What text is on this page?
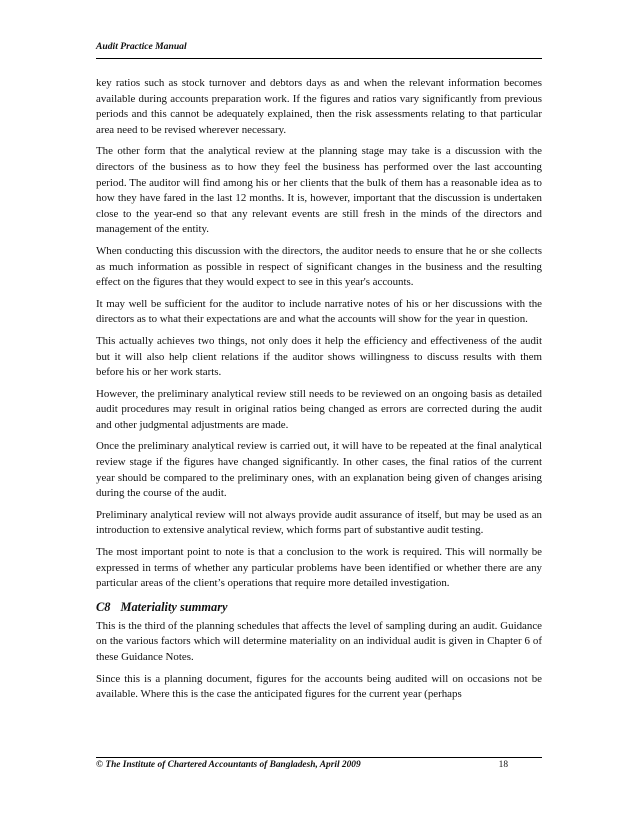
Audit Practice Manual

key ratios such as stock turnover and debtors days as and when the relevant information becomes available during accounts preparation work. If the figures and ratios vary significantly from previous periods and this cannot be adequately explained, then the risk assessments relating to that particular area need to be revised wherever necessary.

The other form that the analytical review at the planning stage may take is a discussion with the directors of the business as to how they feel the business has performed over the last accounting period. The auditor will find among his or her clients that the bulk of them has a reasonable idea as to how they have fared in the last 12 months. It is, however, important that the discussion is undertaken close to the year-end so that any relevant events are still fresh in the minds of the directors and management of the entity.

When conducting this discussion with the directors, the auditor needs to ensure that he or she collects as much information as possible in respect of significant changes in the business and the resulting effect on the figures that they would expect to see in this year's accounts.

It may well be sufficient for the auditor to include narrative notes of his or her discussions with the directors as to what their expectations are and what the accounts will show for the year in question.

This actually achieves two things, not only does it help the efficiency and effectiveness of the audit but it will also help client relations if the auditor shows willingness to discuss results with them before his or her work starts.

However, the preliminary analytical review still needs to be reviewed on an ongoing basis as detailed audit procedures may result in original ratios being changed as errors are corrected during the audit and other judgmental adjustments are made.

Once the preliminary analytical review is carried out, it will have to be repeated at the final analytical review stage if the figures have changed significantly. In other cases, the final ratios of the current year should be compared to the preliminary ones, with an explanation being given of changes arising during the course of the audit.

Preliminary analytical review will not always provide audit assurance of itself, but may be used as an introduction to extensive analytical review, which forms part of substantive audit testing.

The most important point to note is that a conclusion to the work is required. This will normally be expressed in terms of whether any particular problems have been identified or whether there are any particular areas of the client’s operations that require more detailed investigation.

C8 Materiality summary

This is the third of the planning schedules that affects the level of sampling during an audit. Guidance on the various factors which will determine materiality on an individual audit is given in Chapter 6 of these Guidance Notes.

Since this is a planning document, figures for the accounts being audited will on occasions not be available. Where this is the case the anticipated figures for the current year (perhaps

© The Institute of Chartered Accountants of Bangladesh, April 2009	18
